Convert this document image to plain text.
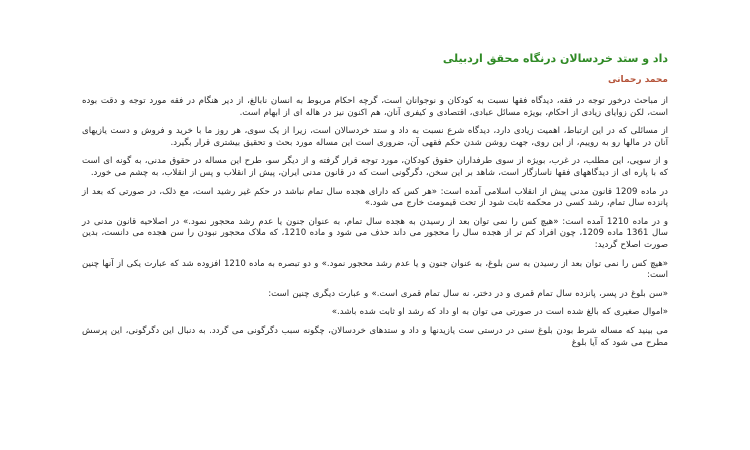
داد و ستد خردسالان درنگاه محقق اردبیلی
محمد رحمانی

از مباحث درخور توجه در فقه، دیدگاه فقها نسبت به کودکان و نوجوانان است، گرچه احکام مربوط به انسان نابالغ، از دیر هنگام در فقه مورد توجه و دقت بوده است، لکن زوایای زیادی از احکام، بویژه مسائل عبادی، اقتصادی و کیفری آنان، هم اکنون نیز در هاله ای از ابهام است.

از مسائلی که در این ارتباط، اهمیت زیادی دارد، دیدگاه شرع نسبت به داد و ستد خردسالان است، زیرا از یک سوی، هر روز ما با خرید و فروش و دست یازیهای آنان در مالها رو به روییم، از این روی، جهت روشن شدن حکم فقهی آن، ضروری است این مساله مورد بحث و تحقیق بیشتری قرار بگیرد.

و از سویی، این مطلب، در غرب، بویژه از سوی طرفداران حقوق کودکان، مورد توجه قرار گرفته و از دیگر سو، طرح این مساله در حقوق مدنی، به گونه ای است که با پاره ای از دیدگاههای فقها ناسازگار است، شاهد بر این سخن، دگرگونی است که در قانون مدنی ایران، پیش از انقلاب و پس از انقلاب، به چشم می خورد.

در ماده 1209 قانون مدنی پیش از انقلاب اسلامی آمده است: «هر کس که دارای هجده سال تمام نباشد در حکم غیر رشید است، مع ذلک، در صورتی که بعد از پانزده سال تمام، رشد کسی در محکمه ثابت شود از تحت قیمومت خارج می شود.»

و در ماده 1210 آمده است: «هیچ کس را نمی توان بعد از رسیدن به هجده سال تمام، به عنوان جنون یا عدم رشد محجور نمود.» در اصلاحیه قانون مدنی در سال 1361 ماده 1209، چون افراد کم تر از هجده سال را محجور می داند حذف می شود و ماده 1210، که ملاک محجور نبودن را سن هجده می دانست، بدین صورت اصلاح گردید:

«هیچ کس را نمی توان بعد از رسیدن به سن بلوغ، به عنوان جنون و یا عدم رشد محجور نمود.» و دو تبصره به ماده 1210 افزوده شد که عبارت یکی از آنها چنین است:

«سن بلوغ در پسر، پانزده سال تمام قمری و در دختر، نه سال تمام قمری است.» و عبارت دیگری چنین است:

«اموال صغیری که بالغ شده است در صورتی می توان به او داد که رشد او ثابت شده باشد.»

می بینید که مساله شرط بودن بلوغ سنی در درستی ست یازیدنها و داد و ستدهای خردسالان، چگونه سبب دگرگونی می گردد. به دنبال این دگرگونی، این پرسش مطرح می شود که آیا بلوغ
